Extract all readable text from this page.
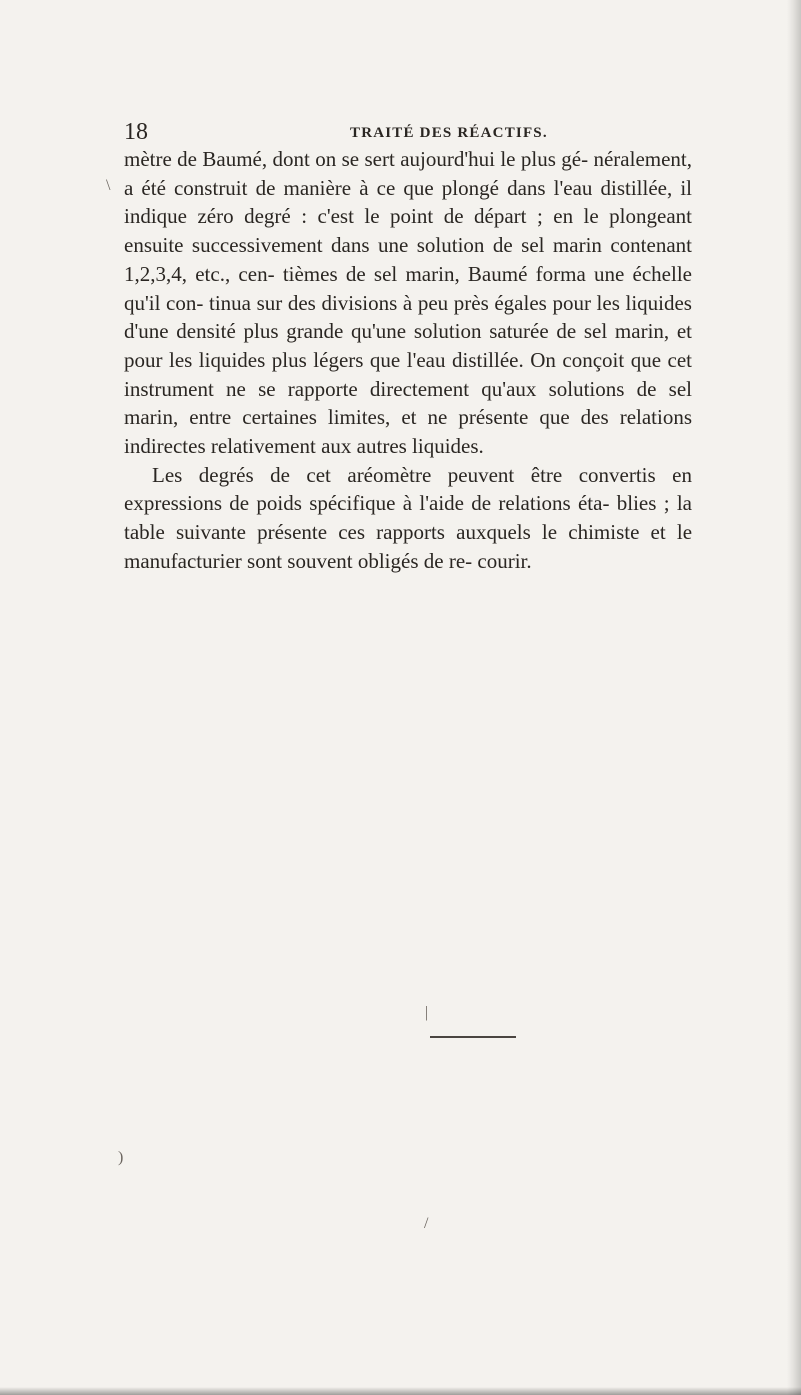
18	TRAITÉ DES RÉACTIFS.

mètre de Baumé, dont on se sert aujourd'hui le plus gé- néralement, a été construit de manière à ce que plongé dans l'eau distillée, il indique zéro degré : c'est le point de départ ; en le plongeant ensuite successivement dans une solution de sel marin contenant 1,2,3,4, etc., cen- tièmes de sel marin, Baumé forma une échelle qu'il con- tinua sur des divisions à peu près égales pour les liquides d'une densité plus grande qu'une solution saturée de sel marin, et pour les liquides plus légers que l'eau distillée. On conçoit que cet instrument ne se rapporte directement qu'aux solutions de sel marin, entre certaines limites, et ne présente que des relations indirectes relativement aux autres liquides.

Les degrés de cet aréomètre peuvent être convertis en expressions de poids spécifique à l'aide de relations éta- blies ; la table suivante présente ces rapports auxquels le chimiste et le manufacturier sont souvent obligés de re- courir.

\
|
/
)
